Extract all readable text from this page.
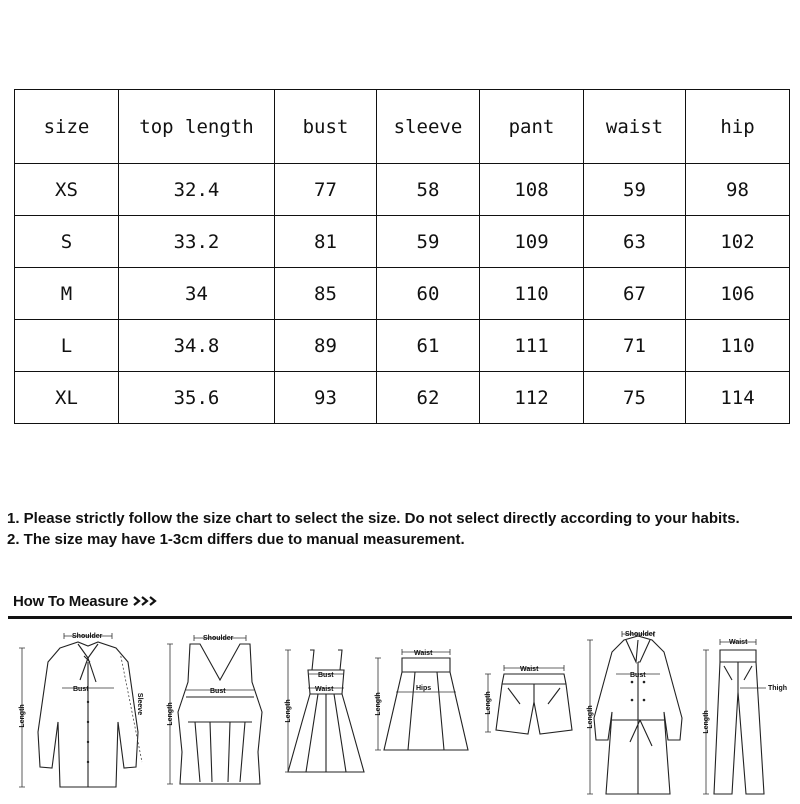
size	top length	bust	sleeve	pant	waist	hip
XS	32.4	77	58	108	59	98
S	33.2	81	59	109	63	102
M	34	85	60	110	67	106
L	34.8	89	61	111	71	110
XL	35.6	93	62	112	75	114

1. Please strictly follow the size chart to select the size. Do not select directly according to your habits.

2. The size may have 1-3cm differs due to manual measurement.

How To Measure
Shoulder
Bust
Length
Sleeve
Shoulder
Bust
Length
Bust
Waist
Length
Waist
Hips
Length
Waist
Length
Shoulder
Bust
Length
Waist
Thigh
Length
